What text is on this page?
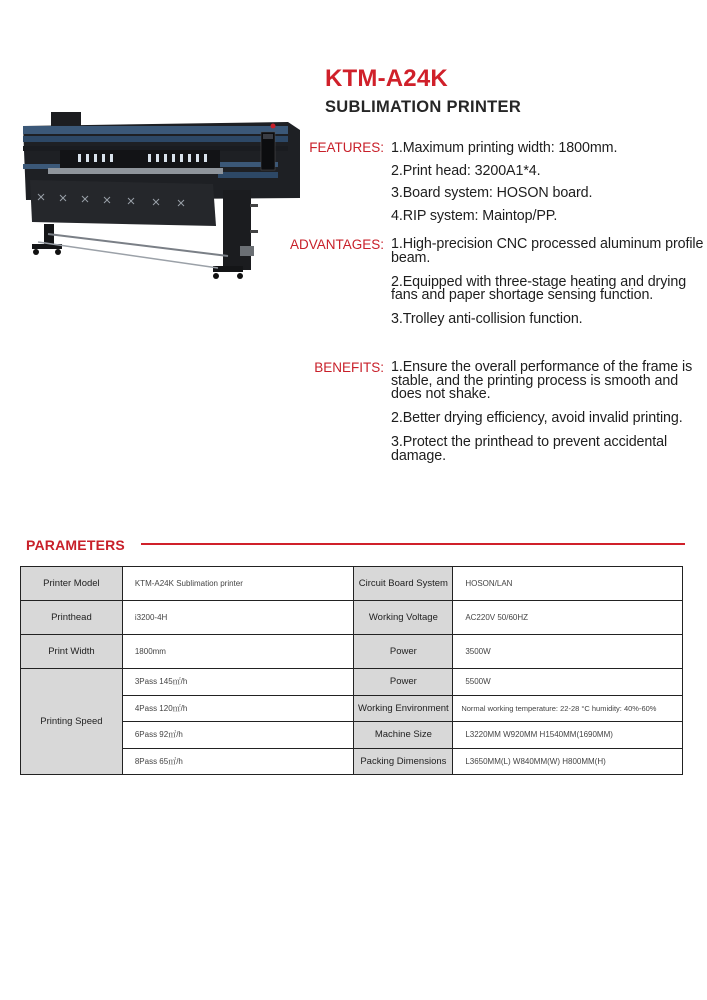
KTM-A24K
SUBLIMATION PRINTER
FEATURES: 1.Maximum printing width: 1800mm.
2.Print head: 3200A1*4.
3.Board system: HOSON board.
4.RIP system: Maintop/PP.
ADVANTAGES: 1.High-precision CNC processed aluminum profile beam.
2.Equipped with three-stage heating and drying fans and paper shortage sensing function.
3.Trolley anti-collision function.
BENEFITS: 1.Ensure the overall performance of the frame is stable, and the printing process is smooth and does not shake.
2.Better drying efficiency, avoid invalid printing.
3.Protect the printhead to prevent accidental damage.
PARAMETERS
Printer Model	KTM-A24K Sublimation printer	Circuit Board System	HOSON/LAN
Printhead	i3200-4H	Working Voltage	AC220V 50/60HZ
Print Width	1800mm	Power	3500W
Printing Speed	3Pass 145㎡/h	Power	5500W
	4Pass 120㎡/h	Working Environment	Normal working temperature: 22-28 °C humidity: 40%-60%
	6Pass 92㎡/h	Machine Size	L3220MM W920MM H1540MM(1690MM)
	8Pass 65㎡/h	Packing Dimensions	L3650MM(L) W840MM(W) H800MM(H)
